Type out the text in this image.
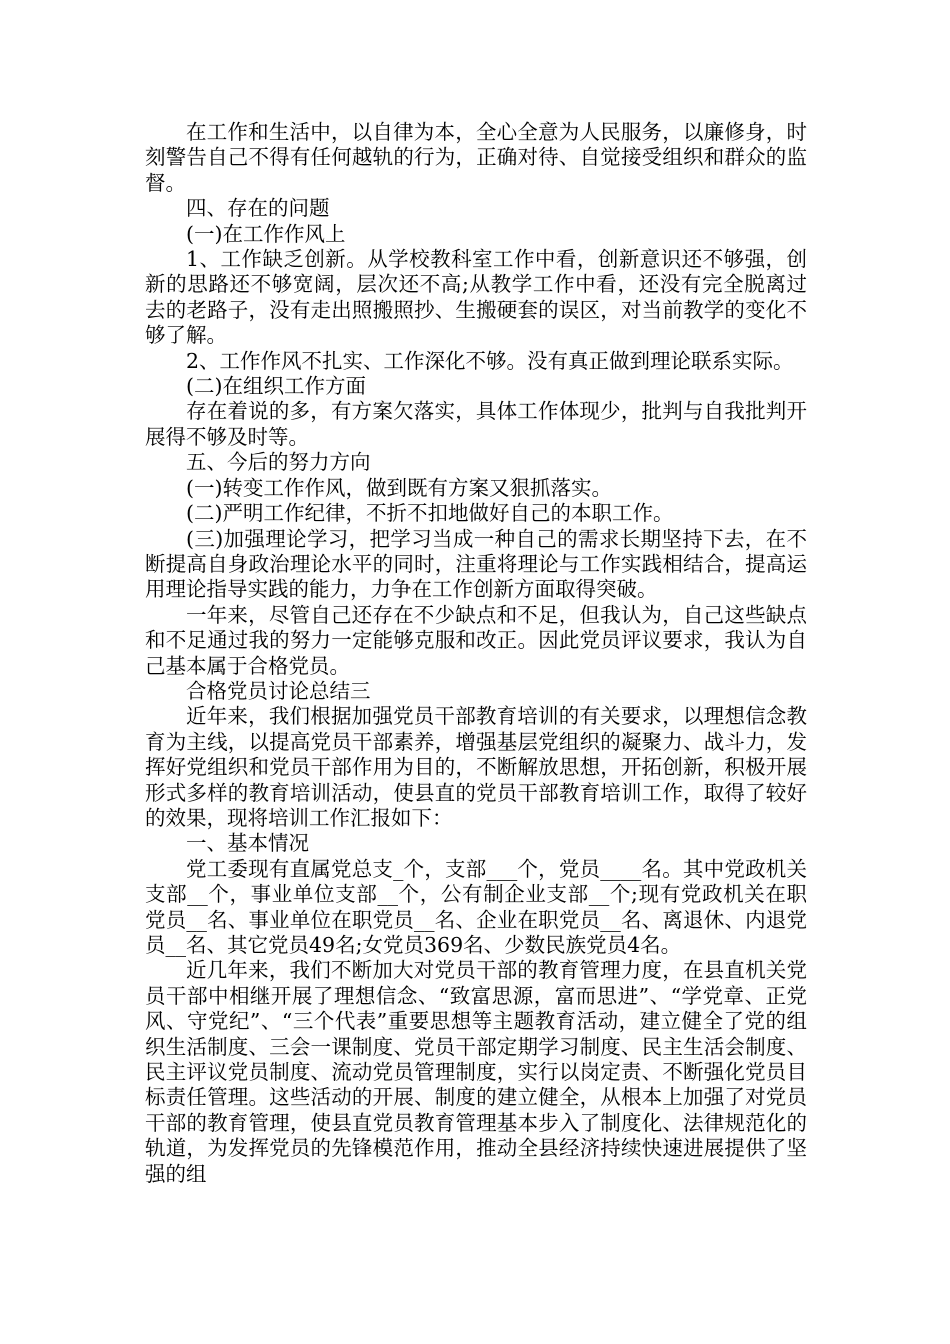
在工作和生活中，以自律为本，全心全意为人民服务，以廉修身，时刻警告自己不得有任何越轨的行为，正确对待、自觉接受组织和群众的监督。

四、存在的问题

(一)在工作作风上

1、工作缺乏创新。从学校教科室工作中看，创新意识还不够强，创新的思路还不够宽阔，层次还不高;从教学工作中看，还没有完全脱离过去的老路子，没有走出照搬照抄、生搬硬套的误区，对当前教学的变化不够了解。

2、工作作风不扎实、工作深化不够。没有真正做到理论联系实际。

(二)在组织工作方面

存在着说的多，有方案欠落实，具体工作体现少，批判与自我批判开展得不够及时等。

五、今后的努力方向

(一)转变工作作风，做到既有方案又狠抓落实。

(二)严明工作纪律，不折不扣地做好自己的本职工作。

(三)加强理论学习，把学习当成一种自己的需求长期坚持下去，在不断提高自身政治理论水平的同时，注重将理论与工作实践相结合，提高运用理论指导实践的能力，力争在工作创新方面取得突破。

一年来，尽管自己还存在不少缺点和不足，但我认为，自己这些缺点和不足通过我的努力一定能够克服和改正。因此党员评议要求，我认为自己基本属于合格党员。

合格党员讨论总结三

近年来，我们根据加强党员干部教育培训的有关要求，以理想信念教育为主线，以提高党员干部素养，增强基层党组织的凝聚力、战斗力，发挥好党组织和党员干部作用为目的，不断解放思想，开拓创新，积极开展形式多样的教育培训活动，使县直的党员干部教育培训工作，取得了较好的效果，现将培训工作汇报如下：

一、基本情况

党工委现有直属党总支_个，支部___个，党员____名。其中党政机关支部__个，事业单位支部__个，公有制企业支部__个;现有党政机关在职党员__名、事业单位在职党员__名、企业在职党员__名、离退休、内退党员__名、其它党员49名;女党员369名、少数民族党员4名。

近几年来，我们不断加大对党员干部的教育管理力度，在县直机关党员干部中相继开展了理想信念、“致富思源，富而思进”、“学党章、正党风、守党纪”、“三个代表”重要思想等主题教育活动，建立健全了党的组织生活制度、三会一课制度、党员干部定期学习制度、民主生活会制度、民主评议党员制度、流动党员管理制度，实行以岗定责、不断强化党员目标责任管理。这些活动的开展、制度的建立健全，从根本上加强了对党员干部的教育管理，使县直党员教育管理基本步入了制度化、法律规范化的轨道，为发挥党员的先锋模范作用，推动全县经济持续快速进展提供了坚强的组
